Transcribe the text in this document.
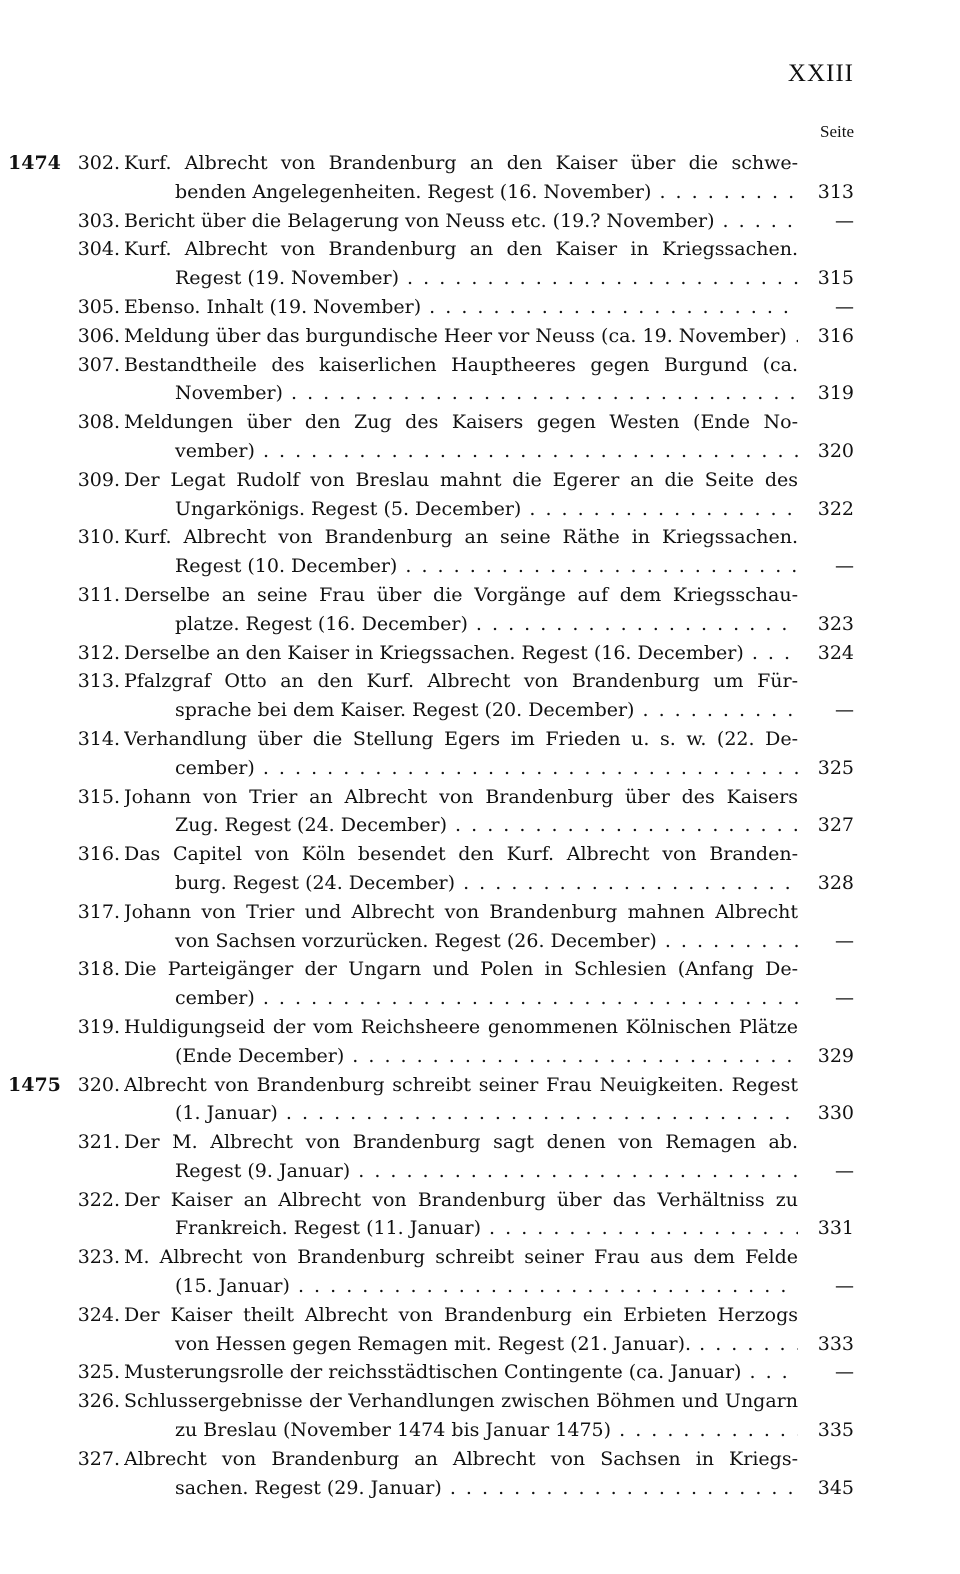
XXIII
Seite
1474 302. Kurf. Albrecht von Brandenburg an den Kaiser über die schwe-
benden Angelegenheiten. Regest (16. November) . . .	313
303. Bericht über die Belagerung von Neuss etc. (19.? November) . . .	—
304. Kurf. Albrecht von Brandenburg an den Kaiser in Kriegssachen.
Regest (19. November) . . .	315
305. Ebenso. Inhalt (19. November) . . .	—
306. Meldung über das burgundische Heer vor Neuss (ca. 19. November) . . .	316
307. Bestandtheile des kaiserlichen Hauptheeres gegen Burgund (ca.
November) . . .	319
308. Meldungen über den Zug des Kaisers gegen Westen (Ende No-
vember) . . .	320
309. Der Legat Rudolf von Breslau mahnt die Egerer an die Seite des
Ungarkönigs. Regest (5. December) . . .	322
310. Kurf. Albrecht von Brandenburg an seine Räthe in Kriegssachen.
Regest (10. December) . . .	—
311. Derselbe an seine Frau über die Vorgänge auf dem Kriegsschau-
platze. Regest (16. December) . . .	323
312. Derselbe an den Kaiser in Kriegssachen. Regest (16. December) . . .	324
313. Pfalzgraf Otto an den Kurf. Albrecht von Brandenburg um Für-
sprache bei dem Kaiser. Regest (20. December) . . .	—
314. Verhandlung über die Stellung Egers im Frieden u. s. w. (22. De-
cember) . . .	325
315. Johann von Trier an Albrecht von Brandenburg über des Kaisers
Zug. Regest (24. December) . . .	327
316. Das Capitel von Köln besendet den Kurf. Albrecht von Branden-
burg. Regest (24. December) . . .	328
317. Johann von Trier und Albrecht von Brandenburg mahnen Albrecht
von Sachsen vorzurücken. Regest (26. December) . . .	—
318. Die Parteigänger der Ungarn und Polen in Schlesien (Anfang De-
cember) . . .	—
319. Huldigungseid der vom Reichsheere genommenen Kölnischen Plätze
(Ende December) . . .	329
1475 320. Albrecht von Brandenburg schreibt seiner Frau Neuigkeiten. Regest
(1. Januar) . . .	330
321. Der M. Albrecht von Brandenburg sagt denen von Remagen ab.
Regest (9. Januar) . . .	—
322. Der Kaiser an Albrecht von Brandenburg über das Verhältniss zu
Frankreich. Regest (11. Januar) . . .	331
323. M. Albrecht von Brandenburg schreibt seiner Frau aus dem Felde
(15. Januar) . . .	—
324. Der Kaiser theilt Albrecht von Brandenburg ein Erbieten Herzogs
von Hessen gegen Remagen mit. Regest (21. Januar). . . .	333
325. Musterungsrolle der reichsstädtischen Contingente (ca. Januar) . . .	—
326. Schlussergebnisse der Verhandlungen zwischen Böhmen und Ungarn
zu Breslau (November 1474 bis Januar 1475) . . .	335
327. Albrecht von Brandenburg an Albrecht von Sachsen in Kriegs-
sachen. Regest (29. Januar) . . .	345
